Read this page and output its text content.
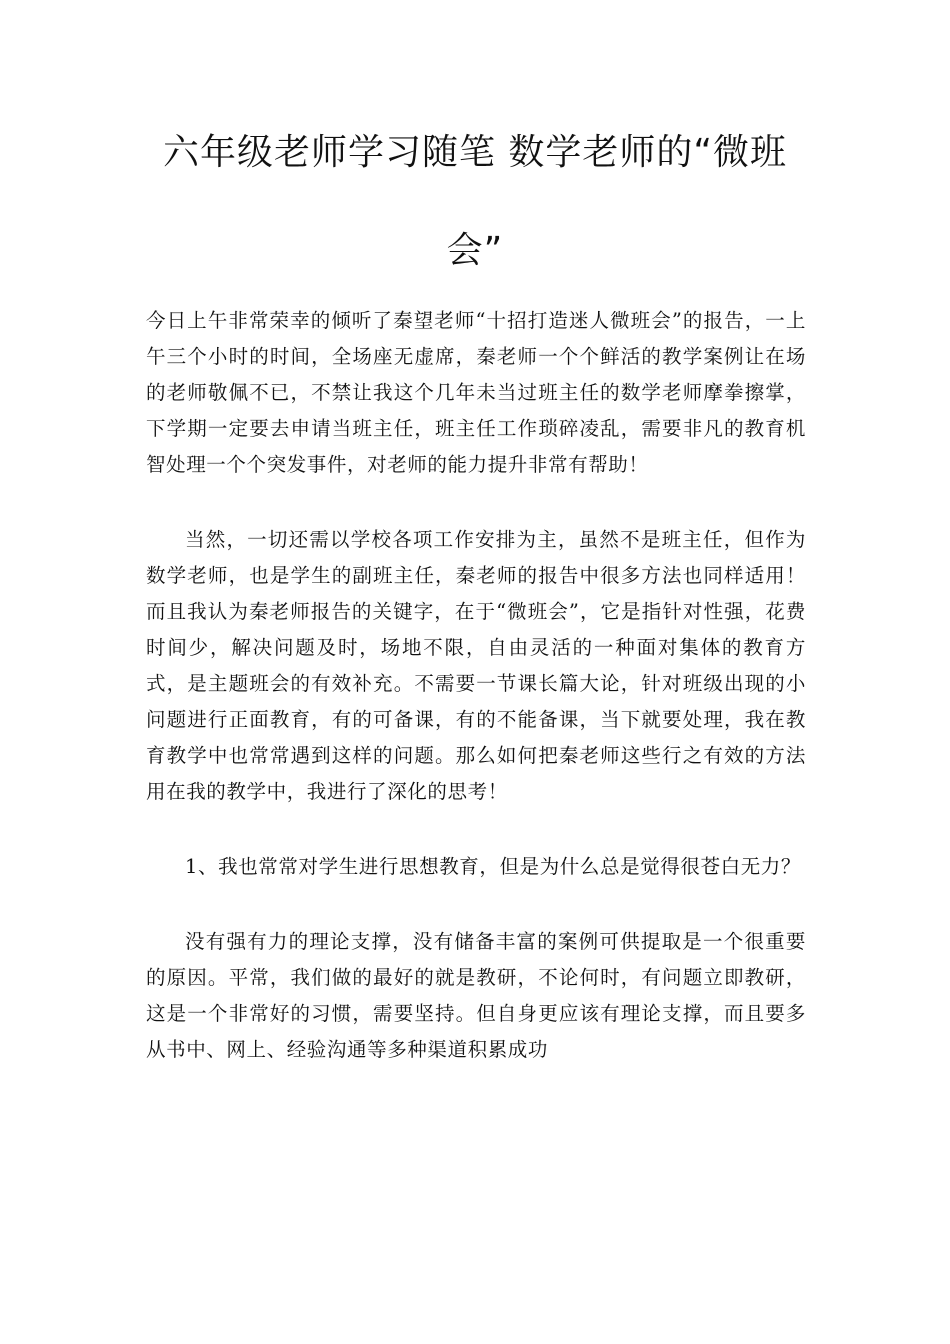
六年级老师学习随笔 数学老师的“微班会”

今日上午非常荣幸的倾听了秦望老师“十招打造迷人微班会”的报告，一上午三个小时的时间，全场座无虚席，秦老师一个个鲜活的教学案例让在场的老师敬佩不已，不禁让我这个几年未当过班主任的数学老师摩拳擦掌，下学期一定要去申请当班主任，班主任工作琐碎凌乱，需要非凡的教育机智处理一个个突发事件，对老师的能力提升非常有帮助！

当然，一切还需以学校各项工作安排为主，虽然不是班主任，但作为数学老师，也是学生的副班主任，秦老师的报告中很多方法也同样适用！而且我认为秦老师报告的关键字，在于“微班会”，它是指针对性强，花费时间少，解决问题及时，场地不限，自由灵活的一种面对集体的教育方式，是主题班会的有效补充。不需要一节课长篇大论，针对班级出现的小问题进行正面教育，有的可备课，有的不能备课，当下就要处理，我在教育教学中也常常遇到这样的问题。那么如何把秦老师这些行之有效的方法用在我的教学中，我进行了深化的思考！

1、我也常常对学生进行思想教育，但是为什么总是觉得很苍白无力？

没有强有力的理论支撑，没有储备丰富的案例可供提取是一个很重要的原因。平常，我们做的最好的就是教研，不论何时，有问题立即教研，这是一个非常好的习惯，需要坚持。但自身更应该有理论支撑，而且要多从书中、网上、经验沟通等多种渠道积累成功
